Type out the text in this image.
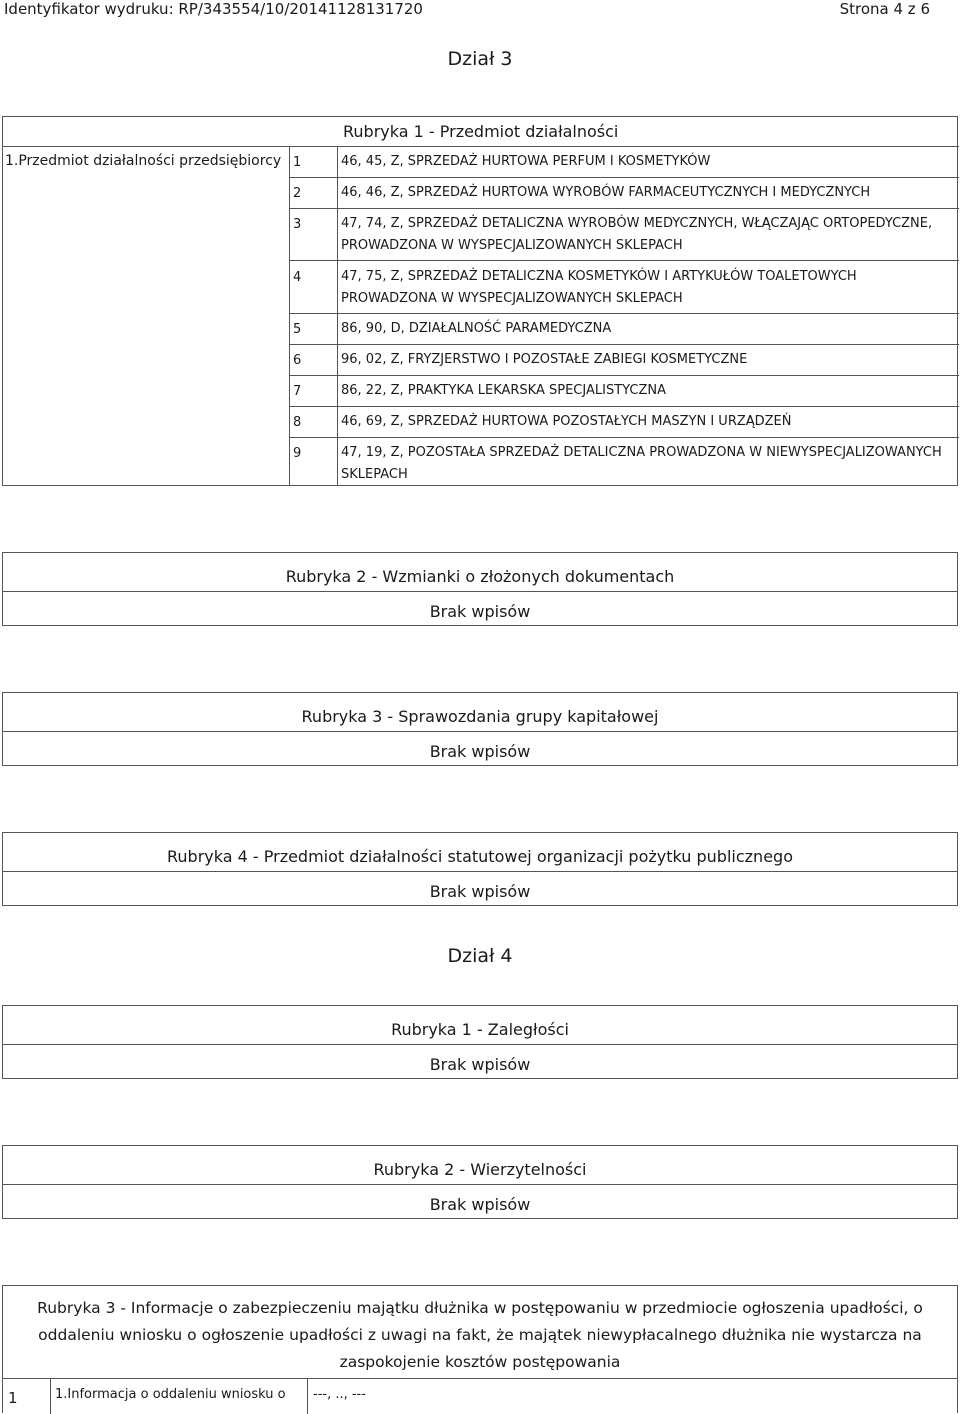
Identyfikator wydruku: RP/343554/10/20141128131720	Strona 4 z 6
Dział 3
Rubryka 1 - Przedmiot działalności
1.Przedmiot działalności przedsiębiorcy 1	46, 45, Z, SPRZEDAŻ HURTOWA PERFUM I KOSMETYKÓW
2	46, 46, Z, SPRZEDAŻ HURTOWA WYROBÓW FARMACEUTYCZNYCH I MEDYCZNYCH
3	47, 74, Z, SPRZEDAŻ DETALICZNA WYROBÓW MEDYCZNYCH, WŁĄCZAJĄC ORTOPEDYCZNE, PROWADZONA W WYSPECJALIZOWANYCH SKLEPACH
4	47, 75, Z, SPRZEDAŻ DETALICZNA KOSMETYKÓW I ARTYKUŁÓW TOALETOWYCH PROWADZONA W WYSPECJALIZOWANYCH SKLEPACH
5	86, 90, D, DZIAŁALNOŚĆ PARAMEDYCZNA
6	96, 02, Z, FRYZJERSTWO I POZOSTAŁE ZABIEGI KOSMETYCZNE
7	86, 22, Z, PRAKTYKA LEKARSKA SPECJALISTYCZNA
8	46, 69, Z, SPRZEDAŻ HURTOWA POZOSTAŁYCH MASZYN I URZĄDZEŃ
9	47, 19, Z, POZOSTAŁA SPRZEDAŻ DETALICZNA PROWADZONA W NIEWYSPECJALIZOWANYCH SKLEPACH
Rubryka 2 - Wzmianki o złożonych dokumentach
Brak wpisów
Rubryka 3 - Sprawozdania grupy kapitałowej
Brak wpisów
Rubryka 4 - Przedmiot działalności statutowej organizacji pożytku publicznego
Brak wpisów
Dział 4
Rubryka 1 - Zaległości
Brak wpisów
Rubryka 2 - Wierzytelności
Brak wpisów
Rubryka 3 - Informacje o zabezpieczeniu majątku dłużnika w postępowaniu w przedmiocie ogłoszenia upadłości, o
oddaleniu wniosku o ogłoszenie upadłości z uwagi na fakt, że majątek niewypłacalnego dłużnika nie wystarcza na
zaspokojenie kosztów postępowania
1	1.Informacja o oddaleniu wniosku o ---, .., ---
